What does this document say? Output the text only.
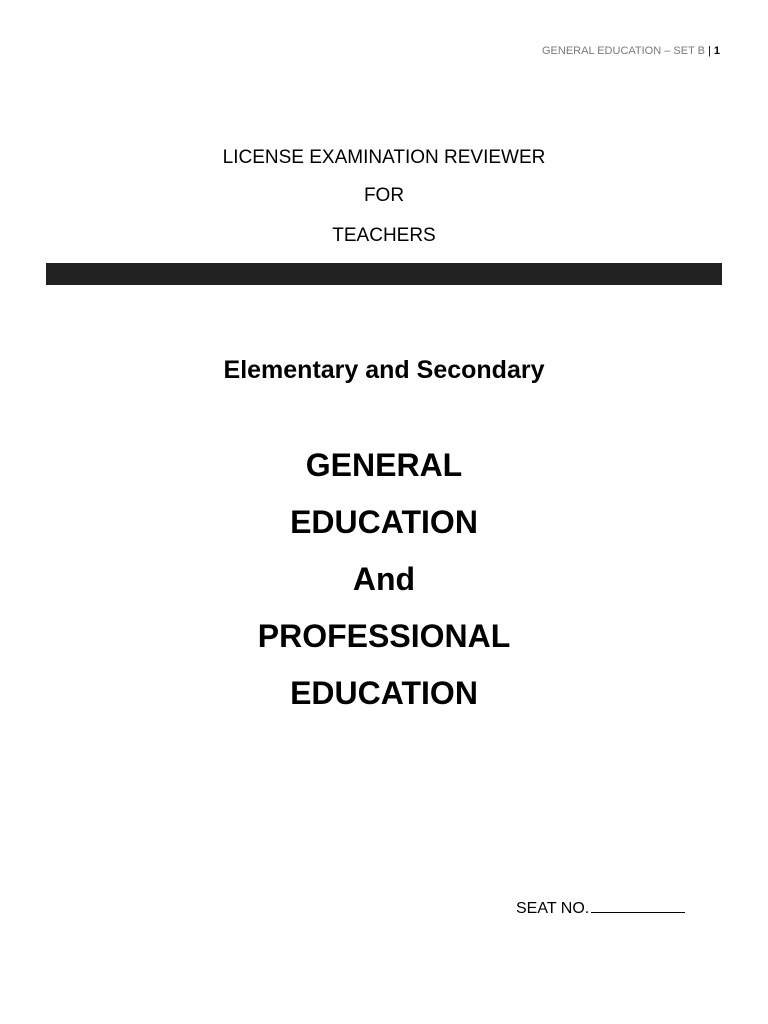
GENERAL EDUCATION – SET B | 1
LICENSE EXAMINATION REVIEWER
FOR
TEACHERS
Elementary and Secondary
GENERAL
EDUCATION
And
PROFESSIONAL
EDUCATION
SEAT NO.
